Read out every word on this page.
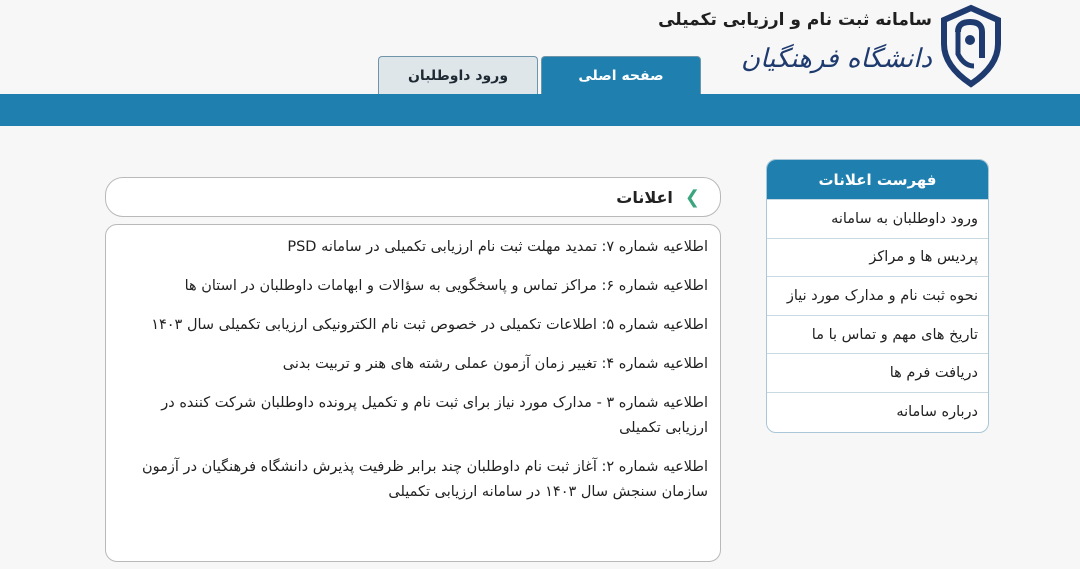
سامانه ثبت نام و ارزیابی تکمیلی
دانشگاه فرهنگیان
ورود داوطلبان	صفحه اصلی
فهرست اعلانات
ورود داوطلبان به سامانه
پردیس ها و مراکز
نحوه ثبت نام و مدارک مورد نیاز
تاریخ های مهم و تماس با ما
دریافت فرم ها
درباره سامانه
❯
اعلانات
اطلاعیه شماره ۷: تمدید مهلت ثبت نام ارزیابی تکمیلی در سامانه PSD
اطلاعیه شماره ۶: مراکز تماس و پاسخگویی به سؤالات و ابهامات داوطلبان در استان ها
اطلاعیه شماره ۵: اطلاعات تکمیلی در خصوص ثبت نام الکترونیکی ارزیابی تکمیلی سال ۱۴۰۳
اطلاعیه شماره ۴: تغییر زمان آزمون عملی رشته های هنر و تربیت بدنی
اطلاعیه شماره ۳ - مدارک مورد نیاز برای ثبت نام و تکمیل پرونده داوطلبان شرکت کننده در ارزیابی تکمیلی
اطلاعیه شماره ۲: آغاز ثبت نام داوطلبان چند برابر ظرفیت پذیرش دانشگاه فرهنگیان در آزمون سازمان سنجش سال ۱۴۰۳ در سامانه ارزیابی تکمیلی
